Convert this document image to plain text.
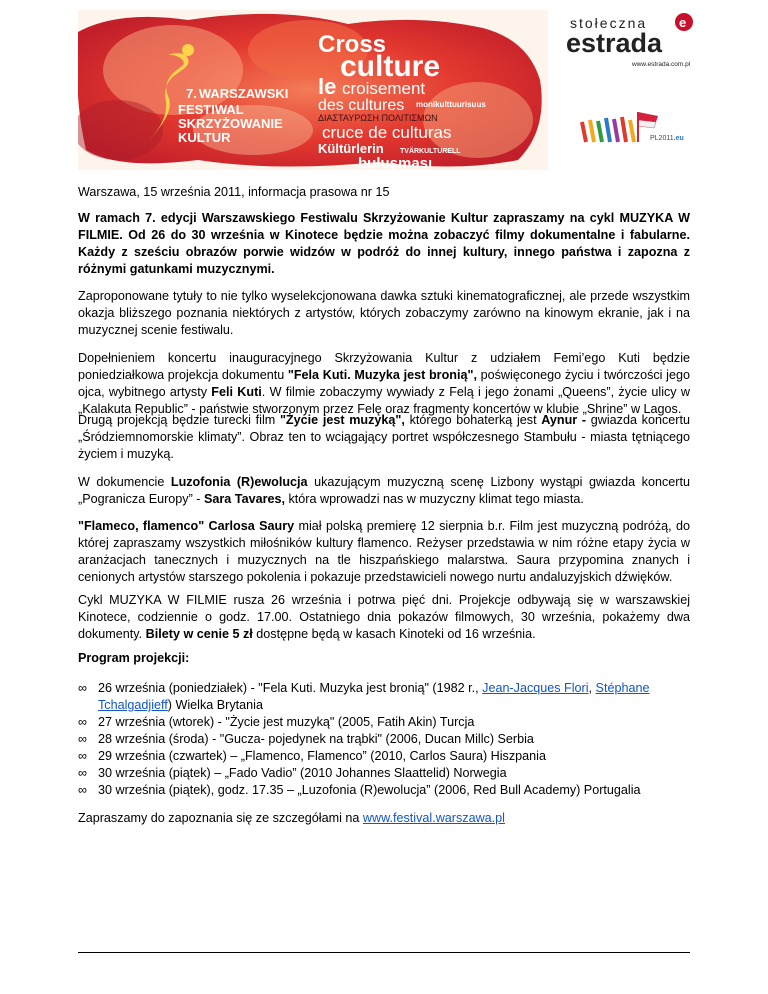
7. WARSZAWSKI
FESTIWAL
SKRZYŻOWANIE
KULTUR
Cross
culture
le croisement
des cultures monikulttuurisuus
ΔΙΑΣΤΑΥΡΩΣΗ ΠΟΛΙΤΙΣΜΩΝ
cruce de culturas
Kültürlerin TVÄRKULTURELL
buluşması
stołeczna
estrada
e
www.estrada.com.pl
PL2011.eu

Warszawa, 15 września 2011, informacja prasowa nr 15

W ramach 7. edycji Warszawskiego Festiwalu Skrzyżowanie Kultur zapraszamy na cykl MUZYKA W FILMIE. Od 26 do 30 września w Kinotece będzie można zobaczyć filmy dokumentalne i fabularne. Każdy z sześciu obrazów porwie widzów w podróż do innej kultury, innego państwa i zapozna z różnymi gatunkami muzycznymi.

Zaproponowane tytuły to nie tylko wyselekcjonowana dawka sztuki kinematograficznej, ale przede wszystkim okazja bliższego poznania niektórych z artystów, których zobaczymy zarówno na kinowym ekranie, jak i na muzycznej scenie festiwalu.

Dopełnieniem koncertu inauguracyjnego Skrzyżowania Kultur z udziałem Femi’ego Kuti będzie poniedziałkowa projekcja dokumentu "Fela Kuti. Muzyka jest bronią", poświęconego życiu i twórczości jego ojca, wybitnego artysty Feli Kuti. W filmie zobaczymy wywiady z Felą i jego żonami „Queens”, życie ulicy w „Kalakuta Republic” - państwie stworzonym przez Felę oraz fragmenty koncertów w klubie „Shrine” w Lagos.

Drugą projekcją będzie turecki film "Życie jest muzyką", którego bohaterką jest Aynur - gwiazda koncertu „Śródziemnomorskie klimaty”. Obraz ten to wciągający portret współczesnego Stambułu - miasta tętniącego życiem i muzyką.

W dokumencie Luzofonia (R)ewolucja ukazującym muzyczną scenę Lizbony wystąpi gwiazda koncertu „Pogranicza Europy” - Sara Tavares, która wprowadzi nas w muzyczny klimat tego miasta.

"Flameco, flamenco" Carlosa Saury miał polską premierę 12 sierpnia b.r. Film jest muzyczną podróżą, do której zapraszamy wszystkich miłośników kultury flamenco. Reżyser przedstawia w nim różne etapy życia w aranżacjach tanecznych i muzycznych na tle hiszpańskiego malarstwa. Saura przypomina znanych i cenionych artystów starszego pokolenia i pokazuje przedstawicieli nowego nurtu andaluzyjskich dźwięków.

Cykl MUZYKA W FILMIE rusza 26 września i potrwa pięć dni. Projekcje odbywają się w warszawskiej Kinotece, codziennie o godz. 17.00. Ostatniego dnia pokazów filmowych, 30 września, pokażemy dwa dokumenty. Bilety w cenie 5 zł dostępne będą w kasach Kinoteki od 16 września.

Program projekcji:

∞ 26 września (poniedziałek) - "Fela Kuti. Muzyka jest bronią" (1982 r., Jean-Jacques Flori, Stéphane Tchalgadjieff) Wielka Brytania
∞ 27 września (wtorek) - "Życie jest muzyką" (2005, Fatih Akin) Turcja
∞ 28 września (środa) - "Gucza- pojedynek na trąbki" (2006, Ducan Millc) Serbia
∞ 29 września (czwartek) – „Flamenco, Flamenco” (2010, Carlos Saura) Hiszpania
∞ 30 września (piątek) – „Fado Vadio” (2010 Johannes Slaattelid) Norwegia
∞ 30 września (piątek), godz. 17.35 – „Luzofonia (R)ewolucja” (2006, Red Bull Academy) Portugalia

Zapraszamy do zapoznania się ze szczegółami na www.festival.warszawa.pl
